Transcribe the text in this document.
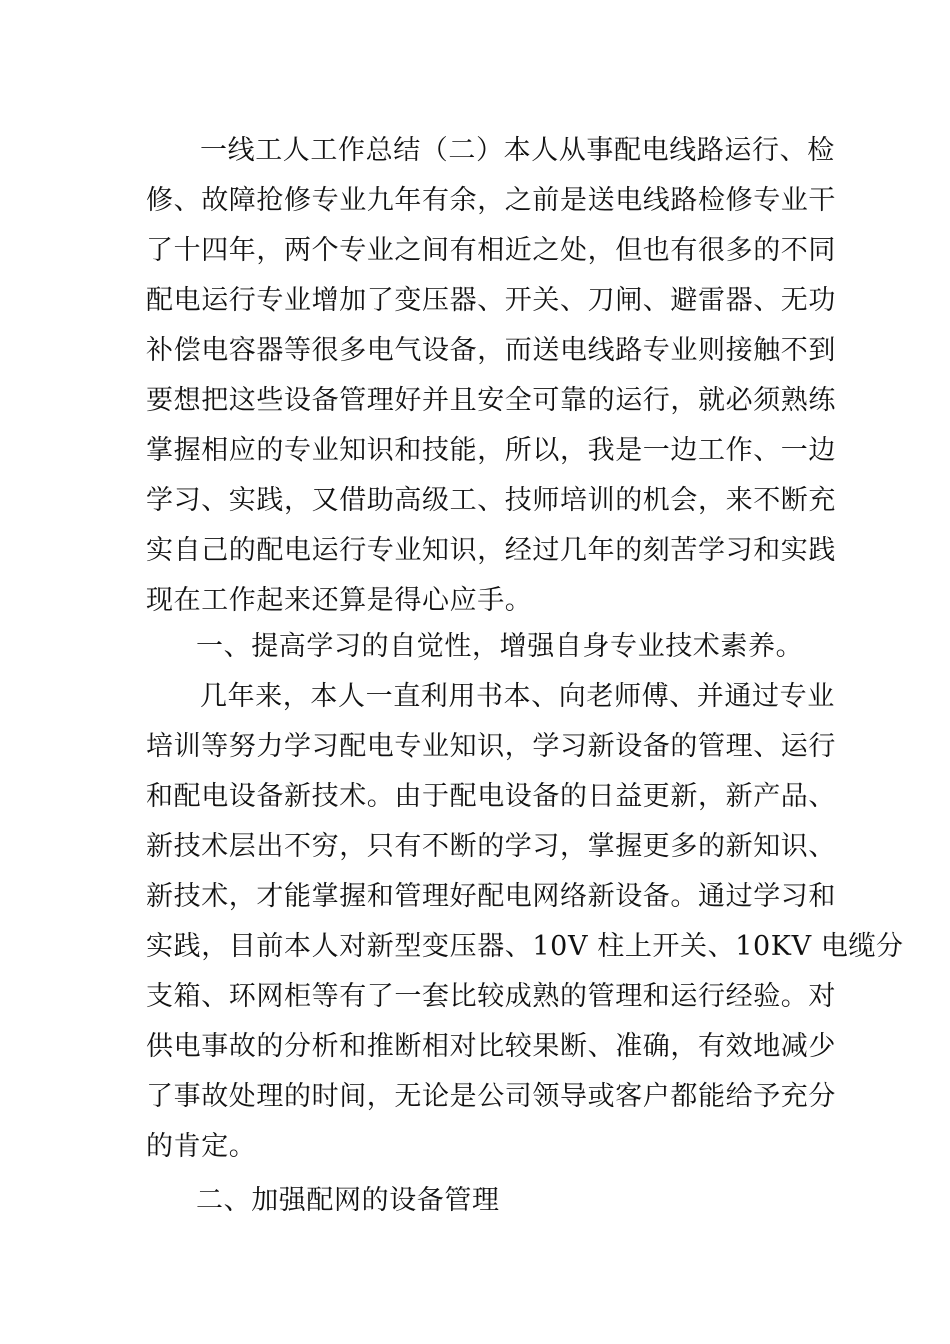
一线工人工作总结（二）本人从事配电线路运行、检
修、故障抢修专业九年有余，之前是送电线路检修专业干
了十四年，两个专业之间有相近之处，但也有很多的不同
配电运行专业增加了变压器、开关、刀闸、避雷器、无功
补偿电容器等很多电气设备，而送电线路专业则接触不到
要想把这些设备管理好并且安全可靠的运行，就必须熟练
掌握相应的专业知识和技能，所以，我是一边工作、一边
学习、实践，又借助高级工、技师培训的机会，来不断充
实自己的配电运行专业知识，经过几年的刻苦学习和实践
现在工作起来还算是得心应手。
一、提高学习的自觉性，增强自身专业技术素养。
几年来，本人一直利用书本、向老师傅、并通过专业
培训等努力学习配电专业知识，学习新设备的管理、运行
和配电设备新技术。由于配电设备的日益更新，新产品、
新技术层出不穷，只有不断的学习，掌握更多的新知识、
新技术，才能掌握和管理好配电网络新设备。通过学习和
实践，目前本人对新型变压器、10V 柱上开关、10KV 电缆分
支箱、环网柜等有了一套比较成熟的管理和运行经验。对
供电事故的分析和推断相对比较果断、准确，有效地减少
了事故处理的时间，无论是公司领导或客户都能给予充分
的肯定。
二、加强配网的设备管理
